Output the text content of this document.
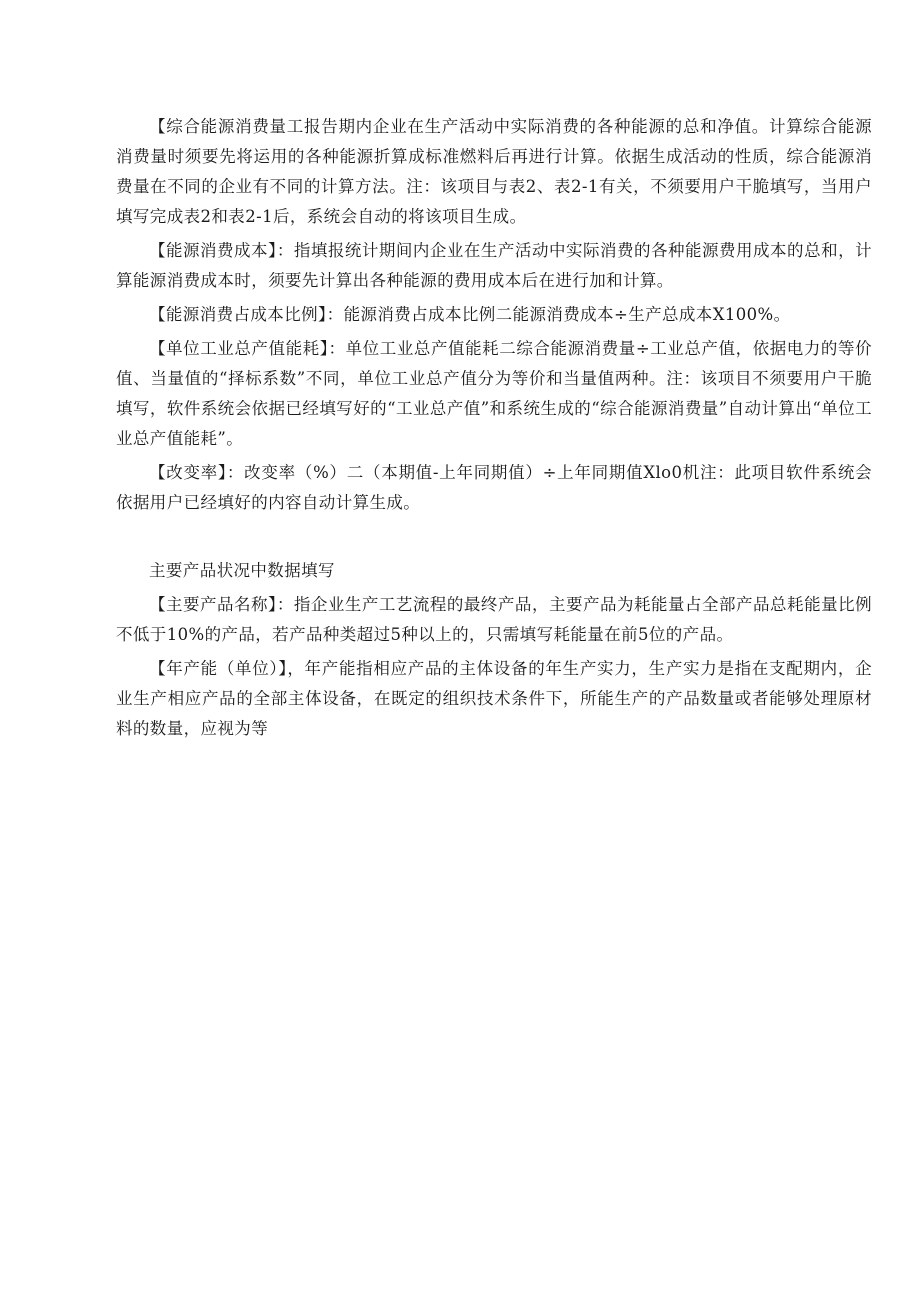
【综合能源消费量工报告期内企业在生产活动中实际消费的各种能源的总和净值。计算综合能源消费量时须要先将运用的各种能源折算成标准燃料后再进行计算。依据生成活动的性质，综合能源消费量在不同的企业有不同的计算方法。注：该项目与表2、表2-1有关，不须要用户干脆填写，当用户填写完成表2和表2-1后，系统会自动的将该项目生成。

【能源消费成本】：指填报统计期间内企业在生产活动中实际消费的各种能源费用成本的总和，计算能源消费成本时，须要先计算出各种能源的费用成本后在进行加和计算。

【能源消费占成本比例】：能源消费占成本比例二能源消费成本÷生产总成本X100%。

【单位工业总产值能耗】：单位工业总产值能耗二综合能源消费量÷工业总产值，依据电力的等价值、当量值的“择标系数”不同，单位工业总产值分为等价和当量值两种。注：该项目不须要用户干脆填写，软件系统会依据已经填写好的“工业总产值”和系统生成的“综合能源消费量”自动计算出“单位工业总产值能耗”。

【改变率】：改变率（%）二（本期值-上年同期值）÷上年同期值Xlo0机注：此项目软件系统会依据用户已经填好的内容自动计算生成。

主要产品状况中数据填写

【主要产品名称】：指企业生产工艺流程的最终产品，主要产品为耗能量占全部产品总耗能量比例不低于10%的产品，若产品种类超过5种以上的，只需填写耗能量在前5位的产品。

【年产能（单位）】，年产能指相应产品的主体设备的年生产实力，生产实力是指在支配期内，企业生产相应产品的全部主体设备，在既定的组织技术条件下，所能生产的产品数量或者能够处理原材料的数量，应视为等
